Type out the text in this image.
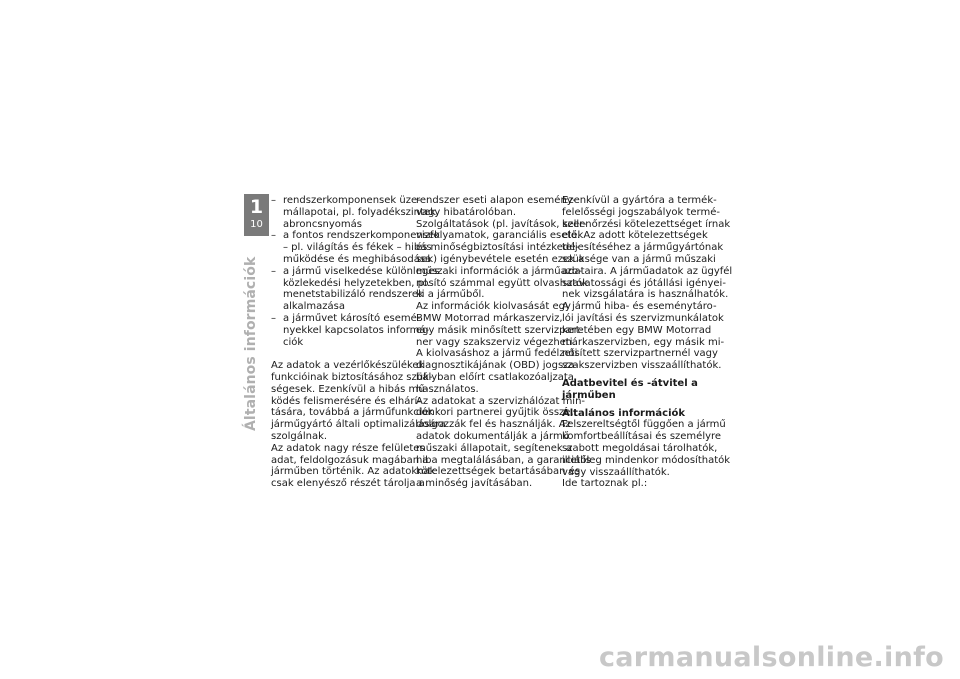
1
10
Általános információk
– rendszerkomponensek üze-
mállapotai, pl. folyadékszintek,
abroncsnyomás
– a fontos rendszerkomponensek
– pl. világítás és fékek – hibás
működése és meghibásodása
– a jármű viselkedése különleges
közlekedési helyzetekben, pl.
menetstabilizáló rendszerek
alkalmazása
– a járművet károsító esemé-
nyekkel kapcsolatos informá-
ciók
Az adatok a vezérlőkészülékek
funkcióinak biztosításához szük-
ségesek. Ezenkívül a hibás mű-
ködés felismerésére és elhárí-
tására, továbbá a járműfunkciók
járműgyártó általi optimalizálására
szolgálnak.
Az adatok nagy része felületes
adat, feldolgozásuk magában a
járműben történik. Az adatoknak
csak elenyésző részét tárolja a
rendszer eseti alapon esemény-
vagy hibatárolóban.
Szolgáltatások (pl. javítások, szer-
vizfolyamatok, garanciális esetek
és minőségbiztosítási intézkedé-
sek) igénybevétele esetén ezek a
műszaki információk a járműazo-
nosító számmal együtt olvashatók
ki a járműből.
Az információk kiolvasását egy
BMW Motorrad márkaszerviz,
egy másik minősített szervizpart-
ner vagy szakszerviz végezheti.
A kiolvasáshoz a jármű fedélzeti
diagnosztikájának (OBD) jogsza-
bályban előírt csatlakozóaljzata
használatos.
Az adatokat a szervizhálózat min-
denkori partnerei gyűjtik össze,
dolgozzák fel és használják. Az
adatok dokumentálják a jármű
műszaki állapotait, segítenek a
hiba megtalálásában, a garanciális
kötelezettségek betartásában és
a minőség javításában.
Ezenkívül a gyártóra a termék-
felelősségi jogszabályok termé-
kellenőrzési kötelezettséget írnak
elő. Az adott kötelezettségek
teljesítéséhez a járműgyártónak
szüksége van a jármű műszaki
adataira. A járműadatok az ügyfél
szavatossági és jótállási igényei-
nek vizsgálatára is használhatók.
A jármű hiba- és eseménytáro-
lói javítási és szervizmunkálatok
keretében egy BMW Motorrad
márkaszervizben, egy másik mi-
nősített szervizpartnernél vagy
szakszervizben visszaállíthatók.
Adatbevitel és -átvitel a
járműben
Általános információk
Felszereltségtől függően a jármű
komfortbeállításai és személyre
szabott megoldásai tárolhatók,
illetőleg mindenkor módosíthatók
vagy visszaállíthatók.
Ide tartoznak pl.:
carmanualsonline.info
